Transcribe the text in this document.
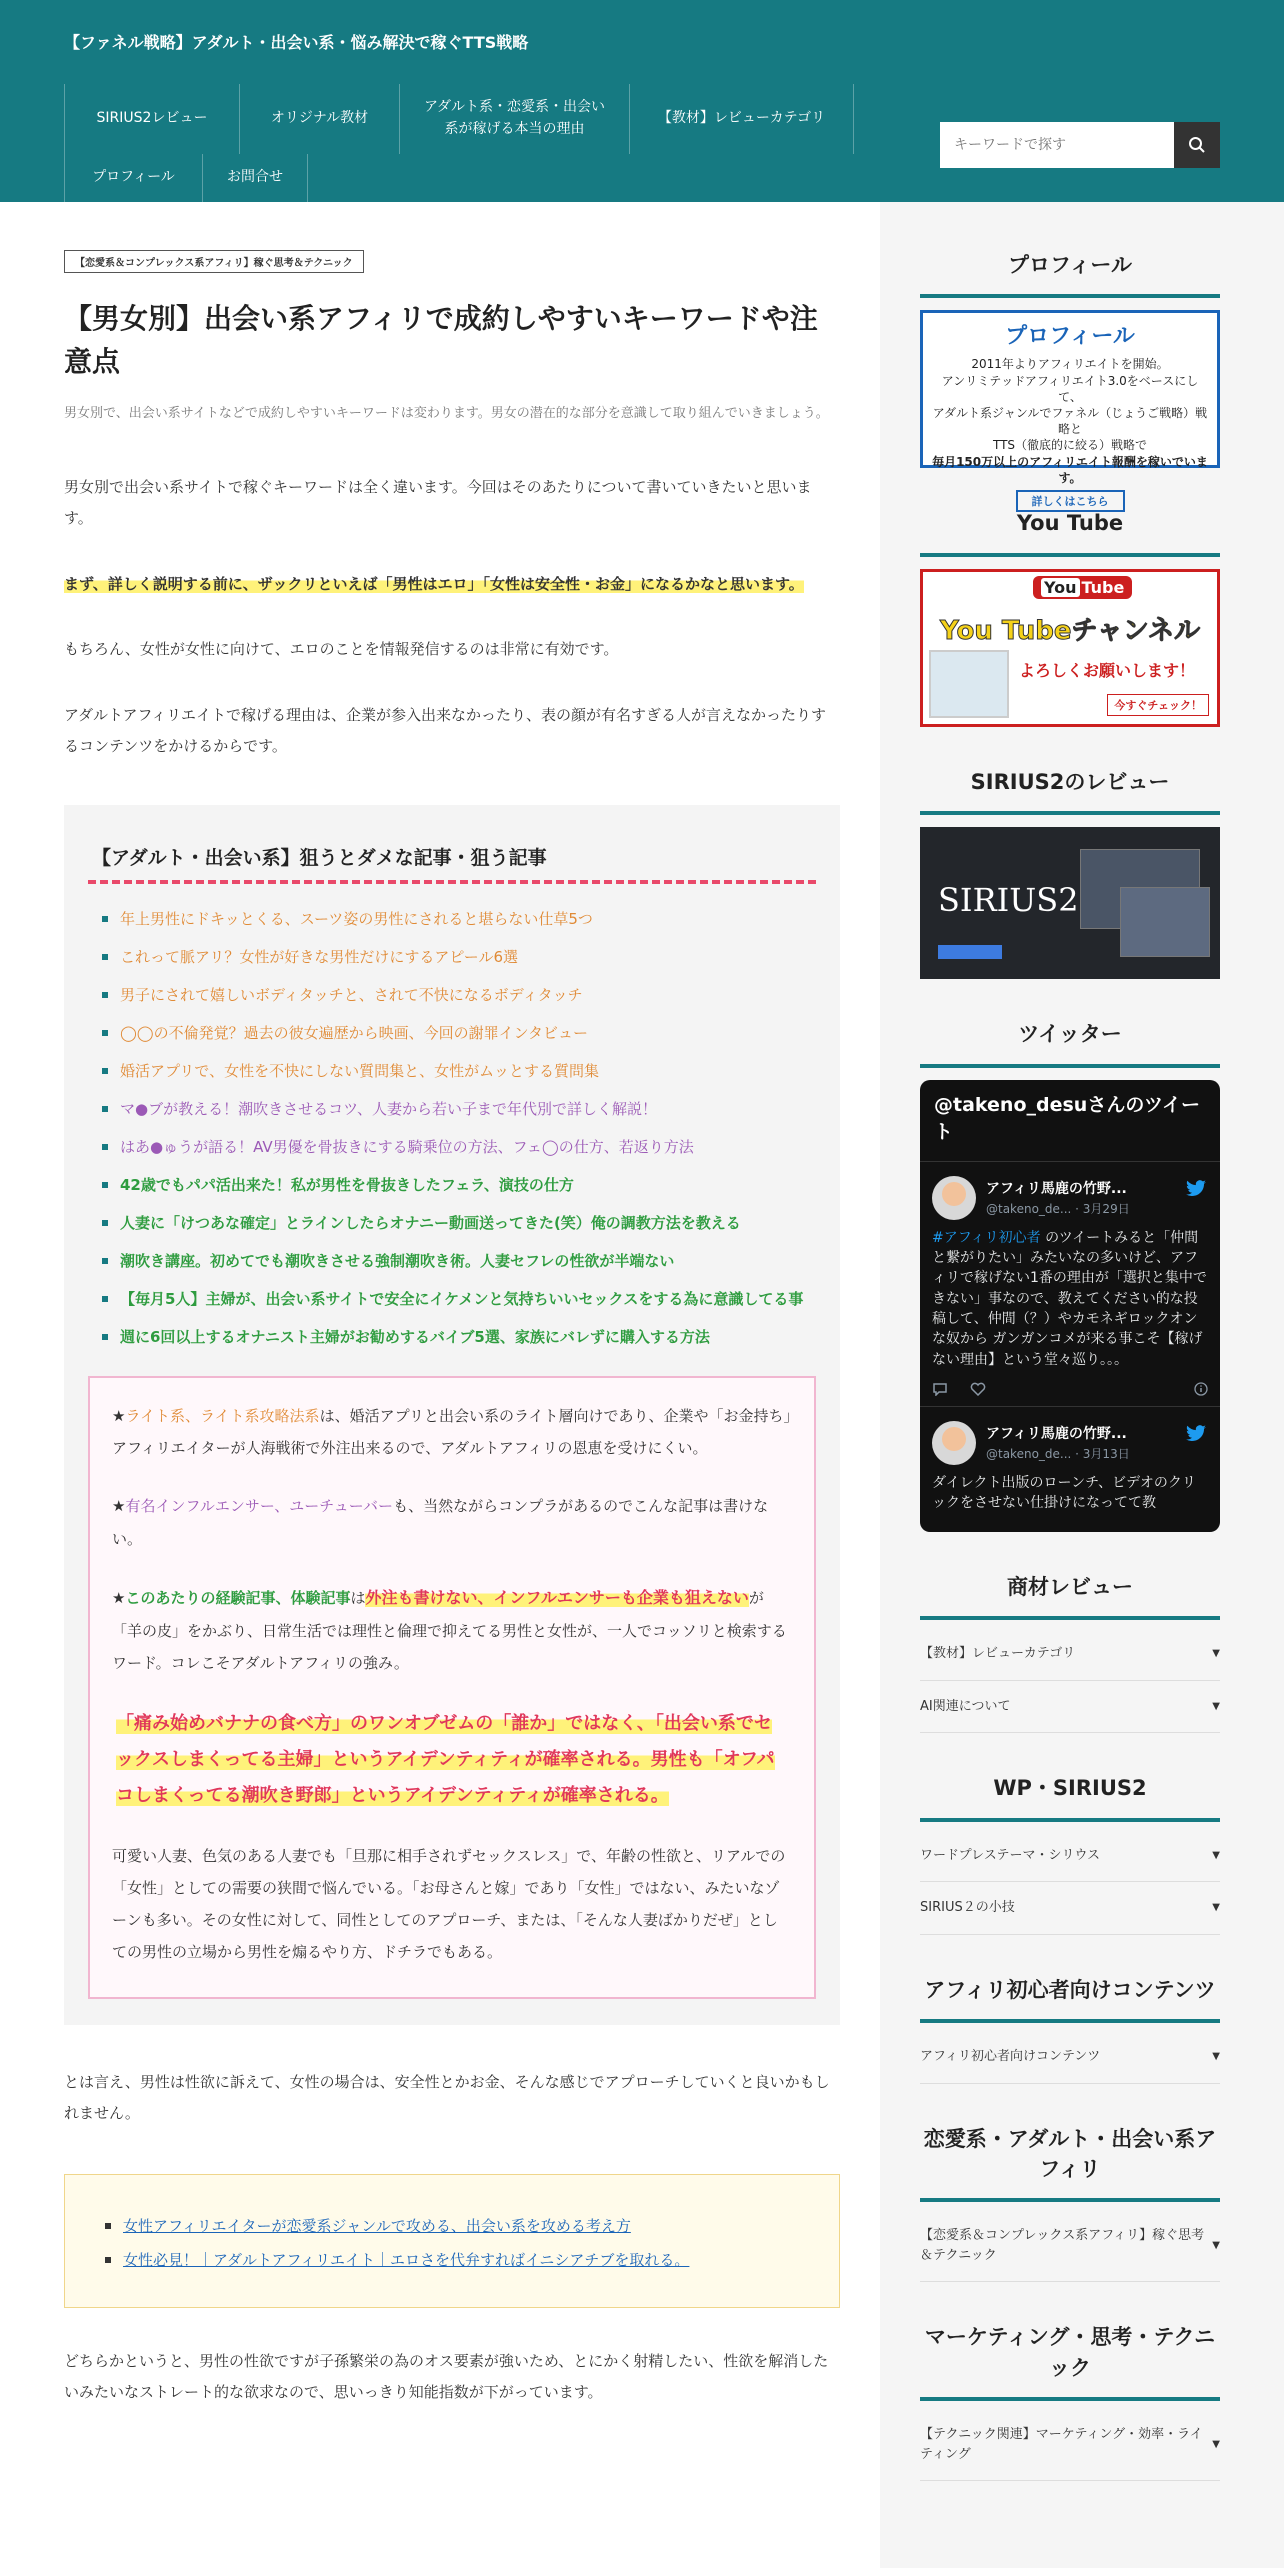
【ファネル戦略】アダルト・出会い系・悩み解決で稼ぐTTS戦略
SIRIUS2レビュー	オリジナル教材
アダルト系・恋愛系・出会い系が稼げる本当の理由
【教材】レビューカテゴリ
プロフィール	お問合せ
キーワードで探す
【恋愛系＆コンプレックス系アフィリ】稼ぐ思考＆テクニック
【男女別】出会い系アフィリで成約しやすいキーワードや注意点

男女別で、出会い系サイトなどで成約しやすいキーワードは変わります。男女の潜在的な部分を意識して取り組んでいきましょう。

男女別で出会い系サイトで稼ぐキーワードは全く違います。今回はそのあたりについて書いていきたいと思います。

まず、詳しく説明する前に、ザックリといえば「男性はエロ」「女性は安全性・お金」になるかなと思います。

もちろん、女性が女性に向けて、エロのことを情報発信するのは非常に有効です。

アダルトアフィリエイトで稼げる理由は、企業が参入出来なかったり、表の顔が有名すぎる人が言えなかったりするコンテンツをかけるからです。

【アダルト・出会い系】狙うとダメな記事・狙う記事
年上男性にドキッとくる、スーツ姿の男性にされると堪らない仕草5つ
これって脈アリ？女性が好きな男性だけにするアピール6選
男子にされて嬉しいボディタッチと、されて不快になるボディタッチ
◯◯の不倫発覚？過去の彼女遍歴から映画、今回の謝罪インタビュー
婚活アプリで、女性を不快にしない質問集と、女性がムッとする質問集
マ●ブが教える！潮吹きさせるコツ、人妻から若い子まで年代別で詳しく解説！
はあ●ゅうが語る！AV男優を骨抜きにする騎乗位の方法、フェ◯の仕方、若返り方法
42歳でもパパ活出来た！私が男性を骨抜きしたフェラ、演技の仕方
人妻に「けつあな確定」とラインしたらオナニー動画送ってきた(笑）俺の調教方法を教える
潮吹き講座。初めてでも潮吹きさせる強制潮吹き術。人妻セフレの性欲が半端ない
【毎月5人】主婦が、出会い系サイトで安全にイケメンと気持ちいいセックスをする為に意識してる事
週に6回以上するオナニスト主婦がお勧めするバイブ5選、家族にバレずに購入する方法

★ライト系、ライト系攻略法系は、婚活アプリと出会い系のライト層向けであり、企業や「お金持ち」アフィリエイターが人海戦術で外注出来るので、アダルトアフィリの恩恵を受けにくい。

★有名インフルエンサー、ユーチューバーも、当然ながらコンプラがあるのでこんな記事は書けない。

★このあたりの経験記事、体験記事は外注も書けない、インフルエンサーも企業も狙えないが「羊の皮」をかぶり、日常生活では理性と倫理で抑えてる男性と女性が、一人でコッソリと検索するワード。コレこそアダルトアフィリの強み。

「痛み始めバナナの食べ方」のワンオブゼムの「誰か」ではなく、「出会い系でセックスしまくってる主婦」というアイデンティティが確率される。男性も「オフパコしまくってる潮吹き野郎」というアイデンティティが確率される。

可愛い人妻、色気のある人妻でも「旦那に相手されずセックスレス」で、年齢の性欲と、リアルでの「女性」としての需要の狭間で悩んでいる。「お母さんと嫁」であり「女性」ではない、みたいなゾーンも多い。その女性に対して、同性としてのアプローチ、または、「そんな人妻ばかりだぜ」としての男性の立場から男性を煽るやり方、ドチラでもある。

とは言え、男性は性欲に訴えて、女性の場合は、安全性とかお金、そんな感じでアプローチしていくと良いかもしれません。

女性アフィリエイターが恋愛系ジャンルで攻める、出会い系を攻める考え方
女性必見！｜アダルトアフィリエイト｜エロさを代弁すればイニシアチブを取れる。

どちらかというと、男性の性欲ですが子孫繁栄の為のオス要素が強いため、とにかく射精したい、性欲を解消したいみたいなストレート的な欲求なので、思いっきり知能指数が下がっています。

プロフィール
プロフィール
2011年よりアフィリエイトを開始。
アンリミテッドアフィリエイト3.0をベースにして、
アダルト系ジャンルでファネル（じょうご戦略）戦略と
TTS（徹底的に絞る）戦略で
毎月150万以上のアフィリエイト報酬を稼いでいます。
詳しくはこちら
You Tube
You Tube
You Tubeチャンネル
よろしくお願いします！
今すぐチェック！
SIRIUS2のレビュー
SIRIUS2
ツイッター
@takeno_desuさんのツイート
アフィリ馬鹿の竹野...
@takeno_de... · 3月29日
#アフィリ初心者 のツイートみると「仲間と繋がりたい」みたいなの多いけど、アフィリで稼げない1番の理由が「選択と集中できない」事なので、教えてください的な投稿して、仲間（？）やカモネギロックオンな奴から ガンガンコメが来る事こそ【稼げない理由】という堂々巡り。。。
アフィリ馬鹿の竹野...
@takeno_de... · 3月13日
ダイレクト出版のローンチ、ビデオのクリックをさせない仕掛けになってて教
商材レビュー
【教材】レビューカテゴリ	▼
AI関連について	▼
WP・SIRIUS2
ワードプレステーマ・シリウス	▼
SIRIUS２の小技	▼
アフィリ初心者向けコンテンツ
アフィリ初心者向けコンテンツ	▼
恋愛系・アダルト・出会い系アフィリ
【恋愛系＆コンプレックス系アフィリ】稼ぐ思考＆テクニック
▼
マーケティング・思考・テクニック
【テクニック関連】マーケティング・効率・ライティング
▼
